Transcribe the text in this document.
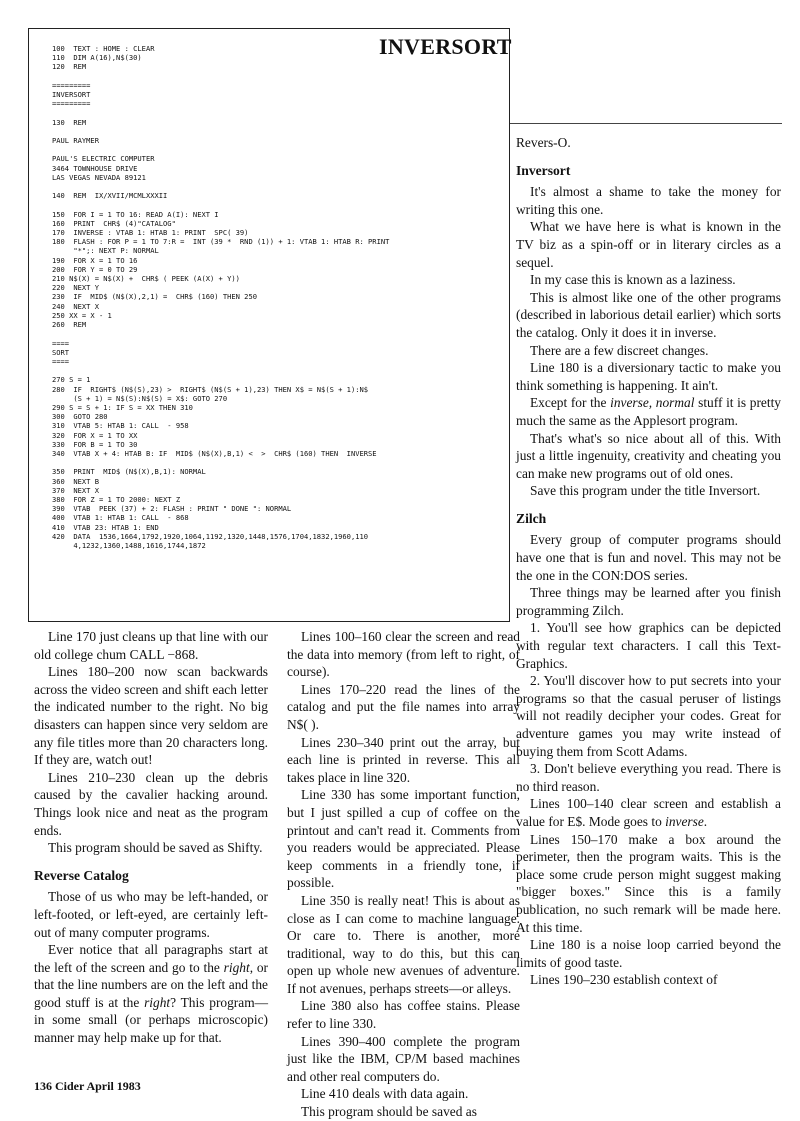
INVERSORT
100  TEXT : HOME : CLEAR
110  DIM A(16),N$(30)
120  REM

=========
INVERSORT
=========

130  REM

PAUL RAYMER

PAUL'S ELECTRIC COMPUTER
3464 TOWNHOUSE DRIVE
LAS VEGAS NEVADA 89121

140  REM  IX/XVII/MCMLXXXII

150  FOR I = 1 TO 16: READ A(I): NEXT I
160  PRINT  CHR$ (4)"CATALOG"
170  INVERSE : VTAB 1: HTAB 1: PRINT  SPC( 39)
180  FLASH : FOR P = 1 TO 7:R =  INT (39 *  RND (1)) + 1: VTAB 1: HTAB R: PRINT
"*";: NEXT P: NORMAL
190  FOR X = 1 TO 16
200  FOR Y = 0 TO 29
210 N$(X) = N$(X) +  CHR$ ( PEEK (A(X) + Y))
220  NEXT Y
230  IF  MID$ (N$(X),2,1) =  CHR$ (160) THEN 250
240  NEXT X
250 XX = X - 1
260  REM

====
SORT
====

270 S = 1
280  IF  RIGHT$ (N$(S),23) >  RIGHT$ (N$(S + 1),23) THEN X$ = N$(S + 1):N$
(S + 1) = N$(S):N$(S) = X$: GOTO 270
290 S = S + 1: IF S = XX THEN 310
300  GOTO 280
310  VTAB 5: HTAB 1: CALL  - 958
320  FOR X = 1 TO XX
330  FOR B = 1 TO 30
340  VTAB X + 4: HTAB B: IF  MID$ (N$(X),B,1) <  >  CHR$ (160) THEN  INVERSE

350  PRINT  MID$ (N$(X),B,1): NORMAL
360  NEXT B
370  NEXT X
380  FOR Z = 1 TO 2000: NEXT Z
390  VTAB  PEEK (37) + 2: FLASH : PRINT " DONE ": NORMAL
400  VTAB 1: HTAB 1: CALL  - 868
410  VTAB 23: HTAB 1: END
420  DATA  1536,1664,1792,1920,1064,1192,1320,1448,1576,1704,1832,1960,110
4,1232,1360,1488,1616,1744,1872

Line 170 just cleans up that line with our old college chum CALL −868.

Lines 180–200 now scan backwards across the video screen and shift each letter the indicated number to the right. No big disasters can happen since very seldom are any file titles more than 20 characters long. If they are, watch out!

Lines 210–230 clean up the debris caused by the cavalier hacking around. Things look nice and neat as the program ends.

This program should be saved as Shifty.

Reverse Catalog

Those of us who may be left-handed, or left-footed, or left-eyed, are certainly left-out of many computer programs.

Ever notice that all paragraphs start at the left of the screen and go to the right, or that the line numbers are on the left and the good stuff is at the right? This program—in some small (or perhaps microscopic) manner may help make up for that.

Lines 100–160 clear the screen and read the data into memory (from left to right, of course).

Lines 170–220 read the lines of the catalog and put the file names into array N$( ).

Lines 230–340 print out the array, but each line is printed in reverse. This all takes place in line 320.

Line 330 has some important function, but I just spilled a cup of coffee on the printout and can't read it. Comments from you readers would be appreciated. Please keep comments in a friendly tone, if possible.

Line 350 is really neat! This is about as close as I can come to machine language. Or care to. There is another, more traditional, way to do this, but this can open up whole new avenues of adventure. If not avenues, perhaps streets—or alleys.

Line 380 also has coffee stains. Please refer to line 330.

Lines 390–400 complete the program just like the IBM, CP/M based machines and other real computers do.

Line 410 deals with data again.

This program should be saved as

Revers-O.

Inversort

It's almost a shame to take the money for writing this one.

What we have here is what is known in the TV biz as a spin-off or in literary circles as a sequel.

In my case this is known as a laziness.

This is almost like one of the other programs (described in laborious detail earlier) which sorts the catalog. Only it does it in inverse.

There are a few discreet changes.

Line 180 is a diversionary tactic to make you think something is happening. It ain't.

Except for the inverse, normal stuff it is pretty much the same as the Applesort program.

That's what's so nice about all of this. With just a little ingenuity, creativity and cheating you can make new programs out of old ones.

Save this program under the title Inversort.

Zilch

Every group of computer programs should have one that is fun and novel. This may not be the one in the CON:DOS series.

Three things may be learned after you finish programming Zilch.

1. You'll see how graphics can be depicted with regular text characters. I call this Text-Graphics.

2. You'll discover how to put secrets into your programs so that the casual peruser of listings will not readily decipher your codes. Great for adventure games you may write instead of buying them from Scott Adams.

3. Don't believe everything you read. There is no third reason.

Lines 100–140 clear screen and establish a value for E$. Mode goes to inverse.

Lines 150–170 make a box around the perimeter, then the program waits. This is the place some crude person might suggest making "bigger boxes." Since this is a family publication, no such remark will be made here. At this time.

Line 180 is a noise loop carried beyond the limits of good taste.

Lines 190–230 establish context of

136 Cider April 1983
